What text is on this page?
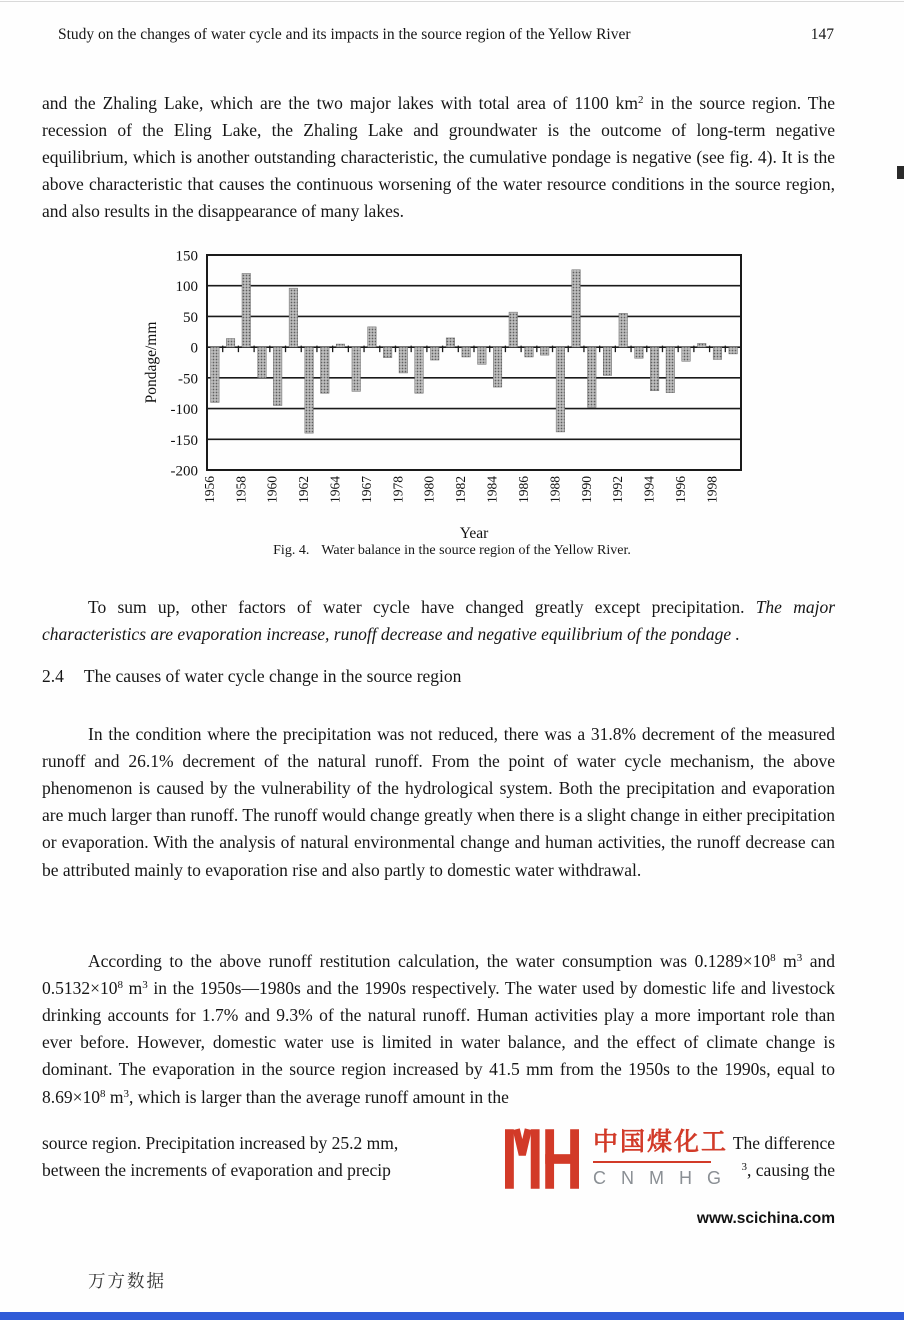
Study on the changes of water cycle and its impacts in the source region of the Yellow River	147

and the Zhaling Lake, which are the two major lakes with total area of 1100 $km^2$ in the source region. The recession of the Eling Lake, the Zhaling Lake and groundwater is the outcome of long-term negative equilibrium, which is another outstanding characteristic, the cumulative pondage is negative (see fig. 4). It is the above characteristic that causes the continuous worsening of the water resource conditions in the source region, and also results in the disappearance of many lakes.

150
100
50
0
-50
-100
-150
-200
1956 1958 1960 1962 1964 1967 1978 1980 1982 1984 1986 1988 1990 1992 1994 1996 1998
Pondage/mm
Year
Fig. 4. Water balance in the source region of the Yellow River.

To sum up, other factors of water cycle have changed greatly except precipitation. The major characteristics are evaporation increase, runoff decrease and negative equilibrium of the pondage .

2.4 The causes of water cycle change in the source region

In the condition where the precipitation was not reduced, there was a 31.8% decrement of the measured runoff and 26.1% decrement of the natural runoff. From the point of water cycle mechanism, the above phenomenon is caused by the vulnerability of the hydrological system. Both the precipitation and evaporation are much larger than runoff. The runoff would change greatly when there is a slight change in either precipitation or evaporation. With the analysis of natural environmental change and human activities, the runoff decrease can be attributed mainly to evaporation rise and also partly to domestic water withdrawal.

According to the above runoff restitution calculation, the water consumption was $0.1289\times 10^8$ $m^3$ and $0.5132\times 10^8$ $m^3$ in the 1950s—1980s and the 1990s respectively. The water used by domestic life and livestock drinking accounts for 1.7% and 9.3% of the natural runoff. Human activities play a more important role than ever before. However, domestic water use is limited in water balance, and the effect of climate change is dominant. The evaporation in the source region increased by 41.5 mm from the 1950s to the 1990s, equal to $8.69\times 10^8$ $m^3$, which is larger than the average runoff amount in the

source region. Precipitation increased by 25.2 mm,	The difference
between the increments of evaporation and precip	$^3$, causing the
中国煤化工
C N M H G
www.scichina.com
万方数据
